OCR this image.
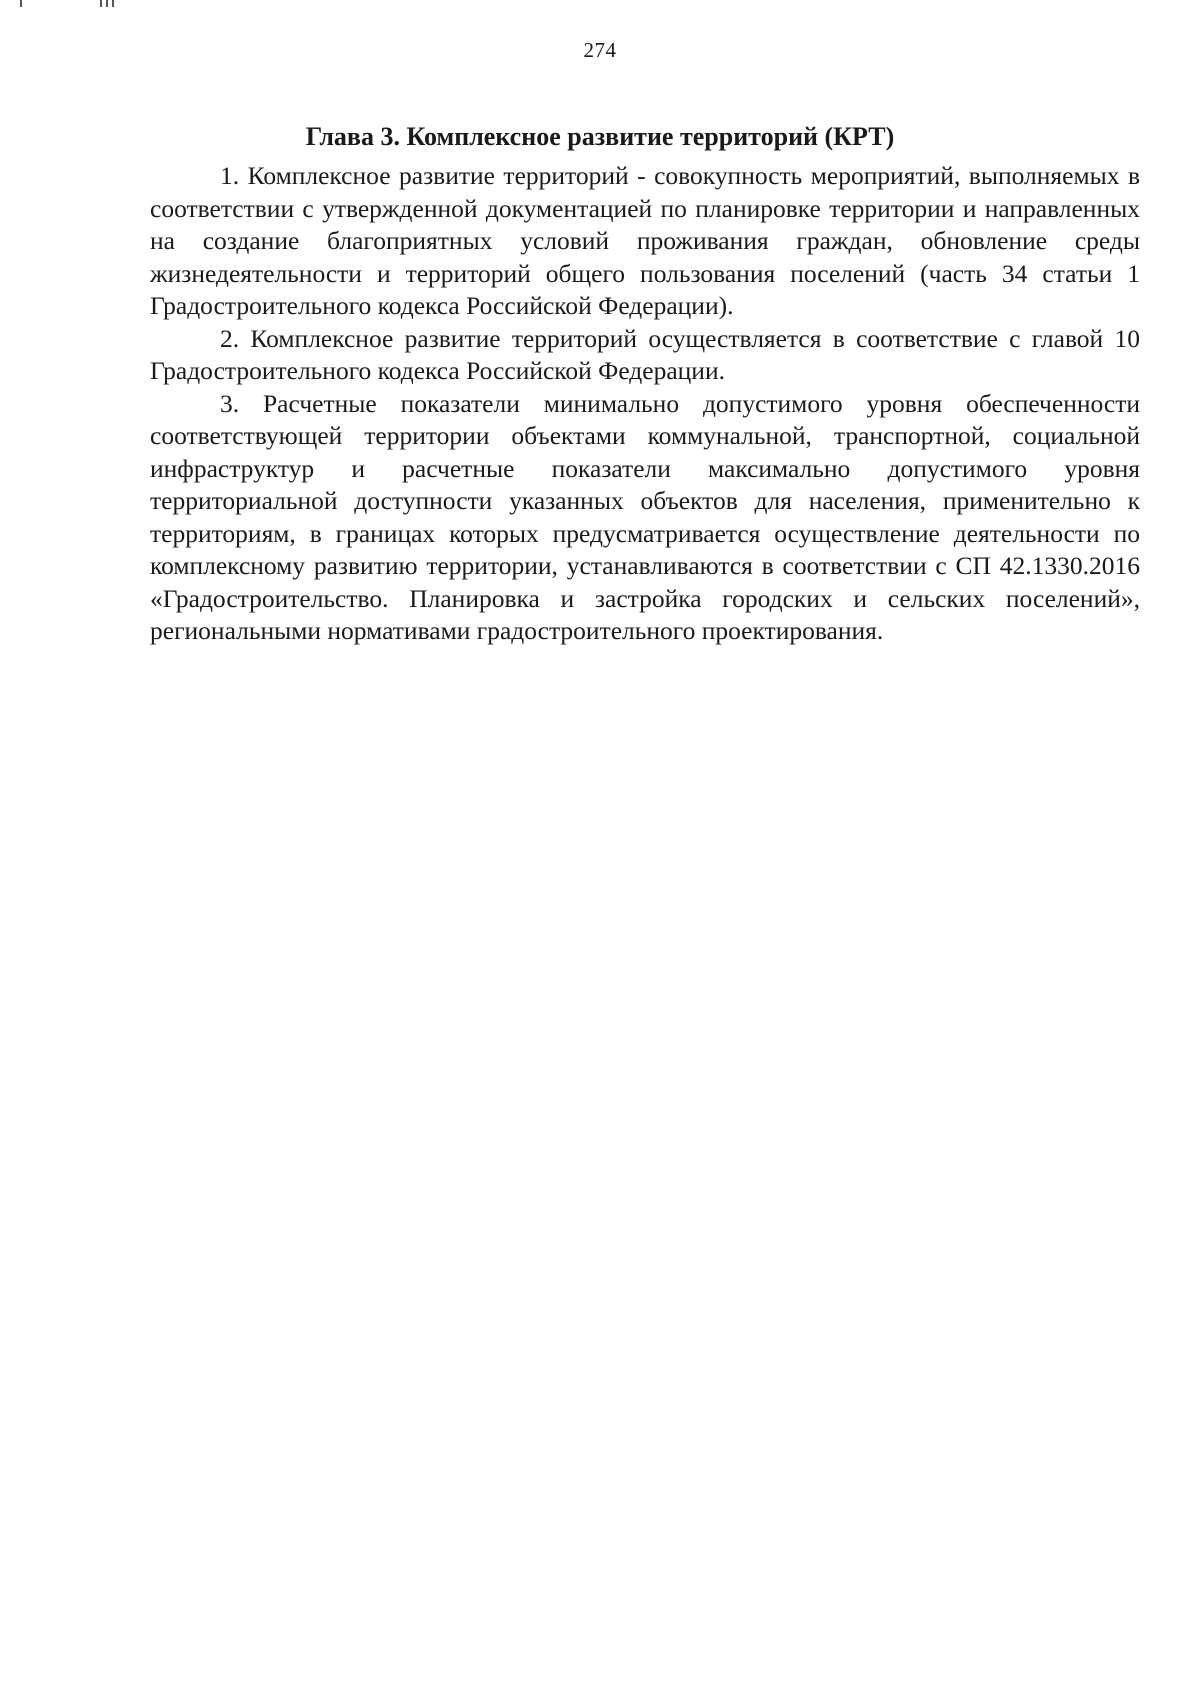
274
Глава 3. Комплексное развитие территорий (КРТ)

1. Комплексное развитие территорий - совокупность мероприятий, выполняемых в соответствии с утвержденной документацией по планировке территории и направленных на создание благоприятных условий проживания граждан, обновление среды жизнедеятельности и территорий общего пользования поселений (часть 34 статьи 1 Градостроительного кодекса Российской Федерации).

2. Комплексное развитие территорий осуществляется в соответствие с главой 10 Градостроительного кодекса Российской Федерации.

3. Расчетные показатели минимально допустимого уровня обеспеченности соответствующей территории объектами коммунальной, транспортной, социальной инфраструктур и расчетные показатели максимально допустимого уровня территориальной доступности указанных объектов для населения, применительно к территориям, в границах которых предусматривается осуществление деятельности по комплексному развитию территории, устанавливаются в соответствии с СП 42.1330.2016 «Градостроительство. Планировка и застройка городских и сельских поселений», региональными нормативами градостроительного проектирования.
